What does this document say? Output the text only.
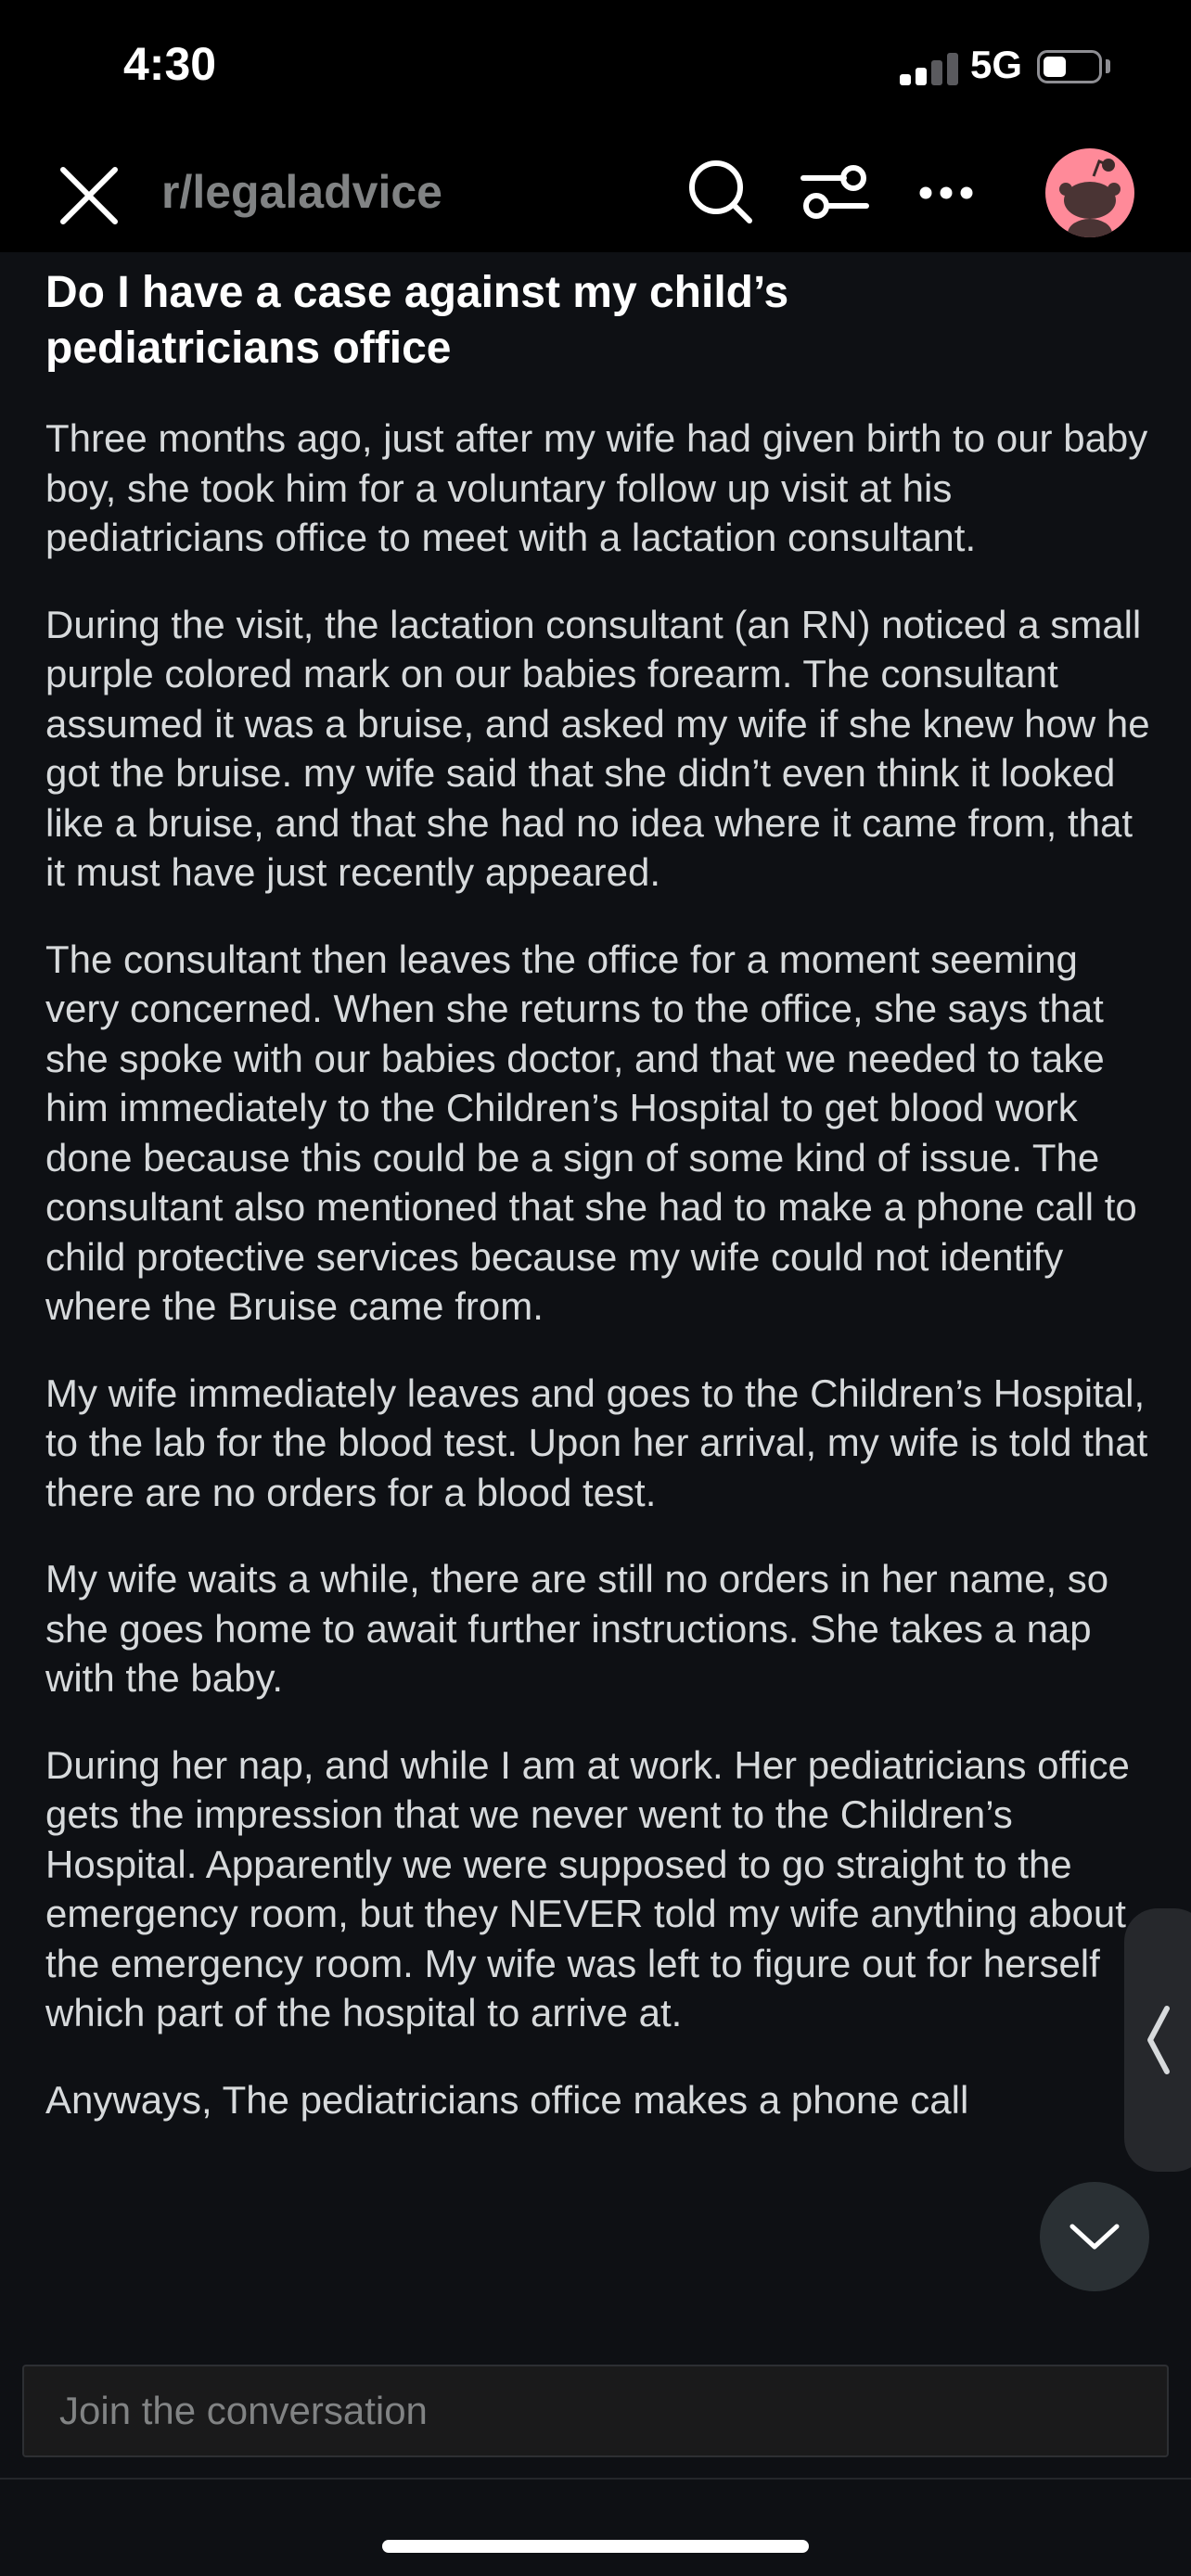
4:30	5G
r/legaladvice
Do I have a case against my child’s pediatricians office

Three months ago, just after my wife had given birth to our baby boy, she took him for a voluntary follow up visit at his pediatricians office to meet with a lactation consultant.

During the visit, the lactation consultant (an RN) noticed a small purple colored mark on our babies forearm. The consultant assumed it was a bruise, and asked my wife if she knew how he got the bruise. my wife said that she didn’t even think it looked like a bruise, and that she had no idea where it came from, that it must have just recently appeared.

The consultant then leaves the office for a moment seeming very concerned. When she returns to the office, she says that she spoke with our babies doctor, and that we needed to take him immediately to the Children’s Hospital to get blood work done because this could be a sign of some kind of issue. The consultant also mentioned that she had to make a phone call to child protective services because my wife could not identify where the Bruise came from.

My wife immediately leaves and goes to the Children’s Hospital, to the lab for the blood test. Upon her arrival, my wife is told that there are no orders for a blood test.

My wife waits a while, there are still no orders in her name, so she goes home to await further instructions. She takes a nap with the baby.

During her nap, and while I am at work. Her pediatricians office gets the impression that we never went to the Children’s Hospital. Apparently we were supposed to go straight to the emergency room, but they NEVER told my wife anything about the emergency room. My wife was left to figure out for herself which part of the hospital to arrive at.

Anyways, The pediatricians office makes a phone call

Join the conversation
